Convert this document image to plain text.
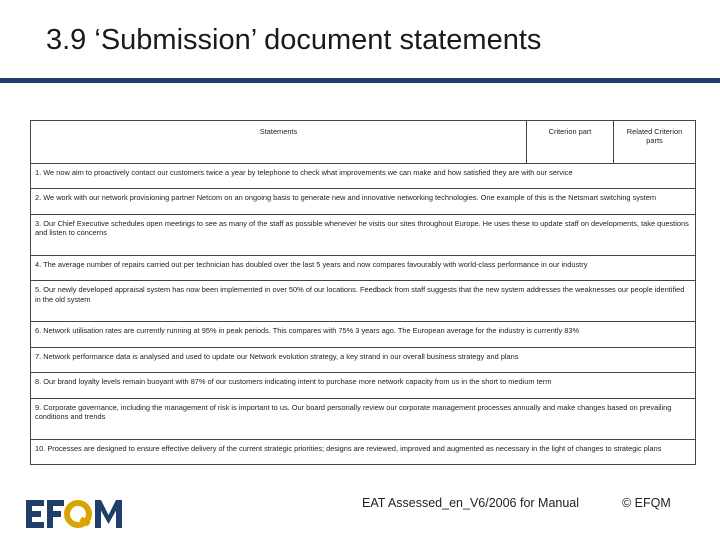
3.9 ‘Submission’ document statements
Statements	Criterion part	Related Criterion parts
1. We now aim to proactively contact our customers twice a year by telephone to check what improvements we can make and how satisfied they are with our service
2. We work with our network provisioning partner Netcom on an ongoing basis to generate new and innovative networking technologies. One example of this is the Netsmart switching system
3. Our Chief Executive schedules open meetings to see as many of the staff as possible whenever he visits our sites throughout Europe. He uses these to update staff on developments, take questions and listen to concerns
4. The average number of repairs carried out per technician has doubled over the last 5 years and now compares favourably with world-class performance in our industry
5. Our newly developed appraisal system has now been implemented in over 50% of our locations. Feedback from staff suggests that the new system addresses the weaknesses our people identified in the old system
6. Network utilisation rates are currently running at 95% in peak periods. This compares with 75% 3 years ago. The European average for the industry is currently 83%
7. Network performance data is analysed and used to update our Network evolution strategy, a key strand in our overall business strategy and plans
8. Our brand loyalty levels remain buoyant with 87% of our customers indicating intent to purchase more network capacity from us in the short to medium term
9. Corporate governance, including the management of risk is important to us. Our board personally review our corporate management processes annually and make changes based on prevailing conditions and trends
10. Processes are designed to ensure effective delivery of the current strategic priorities; designs are reviewed, improved and augmented as necessary in the light of changes to strategic plans
EAT Assessed_en_V6/2006 for Manual	© EFQM
